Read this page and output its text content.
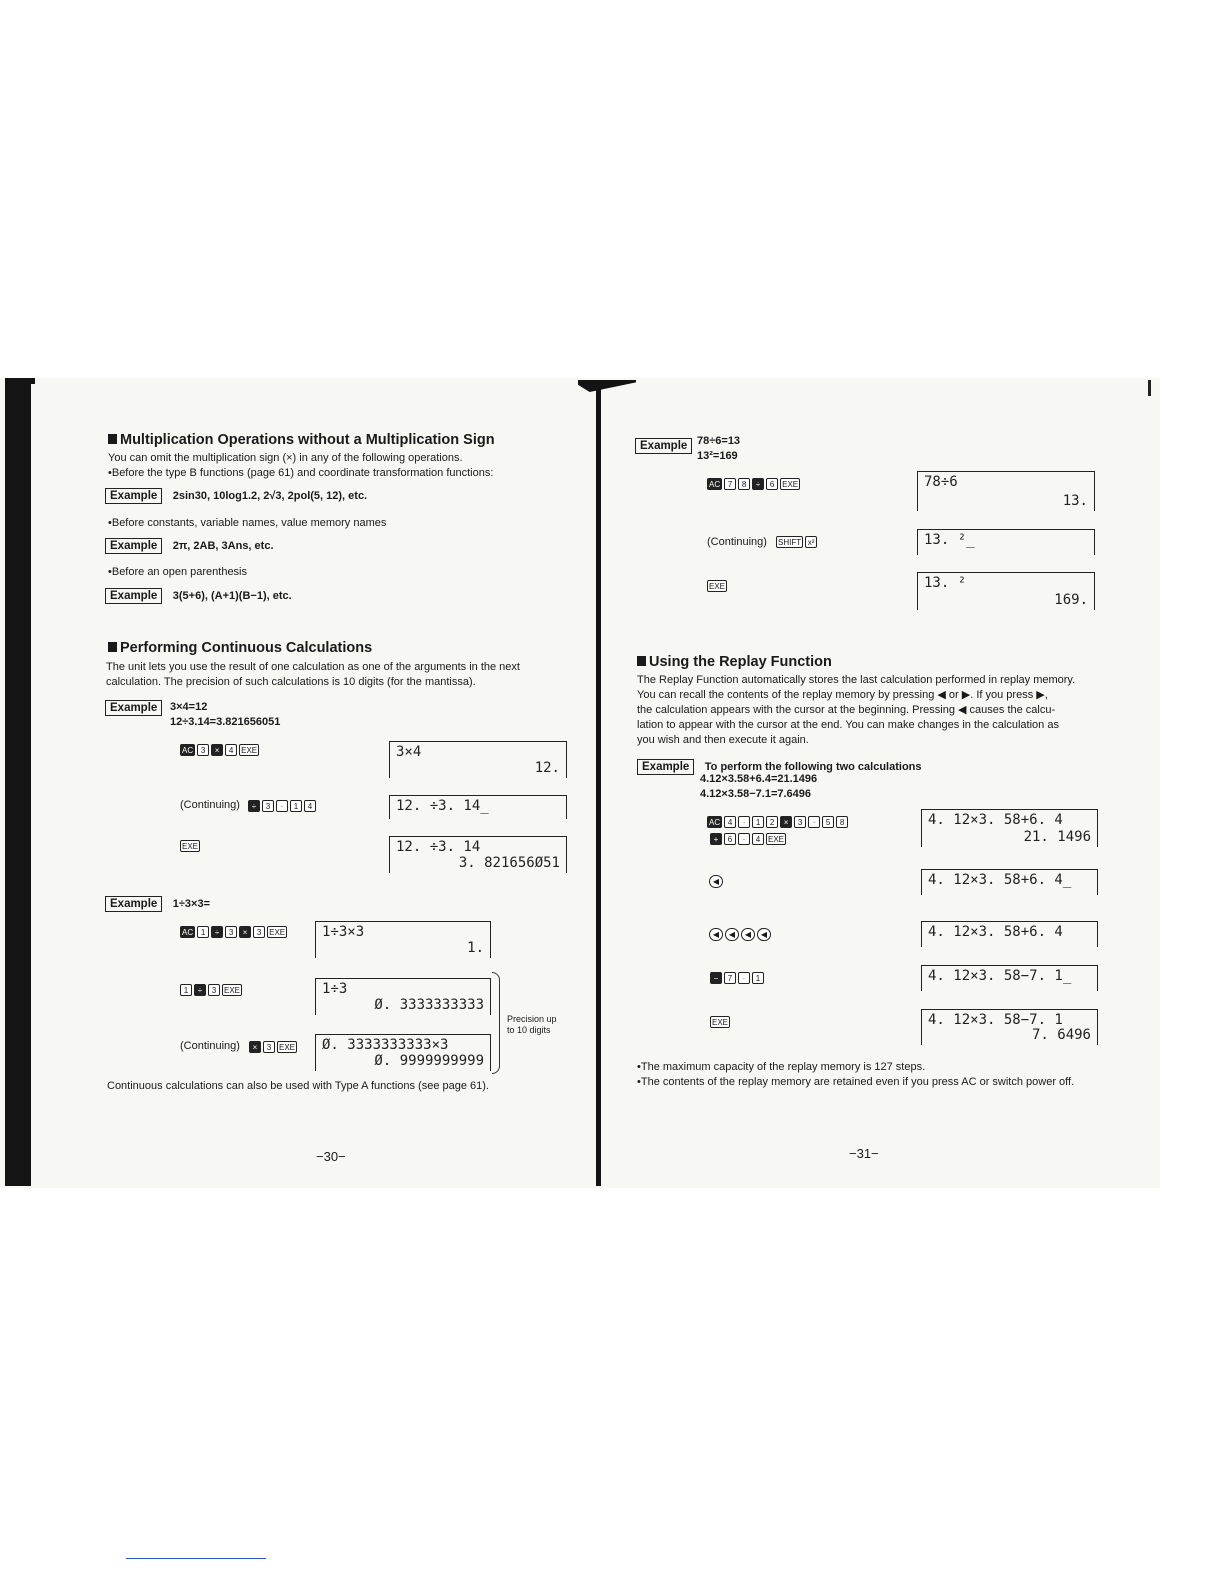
Multiplication Operations without a Multiplication Sign
You can omit the multiplication sign (×) in any of the following operations.
•Before the type B functions (page 61) and coordinate transformation functions:
Example 2sin30, 10log1.2, 2√3, 2pol(5, 12), etc.
•Before constants, variable names, value memory names
Example 2π, 2AB, 3Ans, etc.
•Before an open parenthesis
Example 3(5+6), (A+1)(B−1), etc.
Performing Continuous Calculations
The unit lets you use the result of one calculation as one of the arguments in the next
calculation. The precision of such calculations is 10 digits (for the mantissa).
Example	3×4=12
12÷3.14=3.821656051
AC 3	×	4 EXE	3×4
12.
(Continuing)	÷	3	·	1	4	12. ÷3. 14_
EXE	12. ÷3. 14
3. 821656Ø51
Example 1÷3×3=
AC 1	÷	3	×	3 EXE	1÷3×3
1.
1	÷	3 EXE	1÷3
Ø. 3333333333
(Continuing)	×	3 EXE Ø. 3333333333×3
Ø. 9999999999
Precision up
to 10 digits
Continuous calculations can also be used with Type A functions (see page 61).
−30−
Example 78÷6=13
13²=169
AC 7	8	÷	6 EXE	78÷6
13.
(Continuing) SHIFT x²	13. ²_
EXE	13. ²
169.
Using the Replay Function
The Replay Function automatically stores the last calculation performed in replay memory.
You can recall the contents of the replay memory by pressing ◀ or ▶. If you press ▶,
the calculation appears with the cursor at the beginning. Pressing ◀ causes the calcu-
lation to appear with the cursor at the end. You can make changes in the calculation as
you wish and then execute it again.
Example To perform the following two calculations
4.12×3.58+6.4=21.1496
4.12×3.58−7.1=7.6496
AC 4	·	1	2	×	3	·	5	8
+	6	·	4 EXE
4. 12×3. 58+6. 4
21. 1496
◀	4. 12×3. 58+6. 4_
◀	◀	◀	◀	4. 12×3. 58+6. 4
−	7	·	1	4. 12×3. 58−7. 1_
EXE	4. 12×3. 58−7. 1
7. 6496
•The maximum capacity of the replay memory is 127 steps.
•The contents of the replay memory are retained even if you press AC or switch power off.
−31−
